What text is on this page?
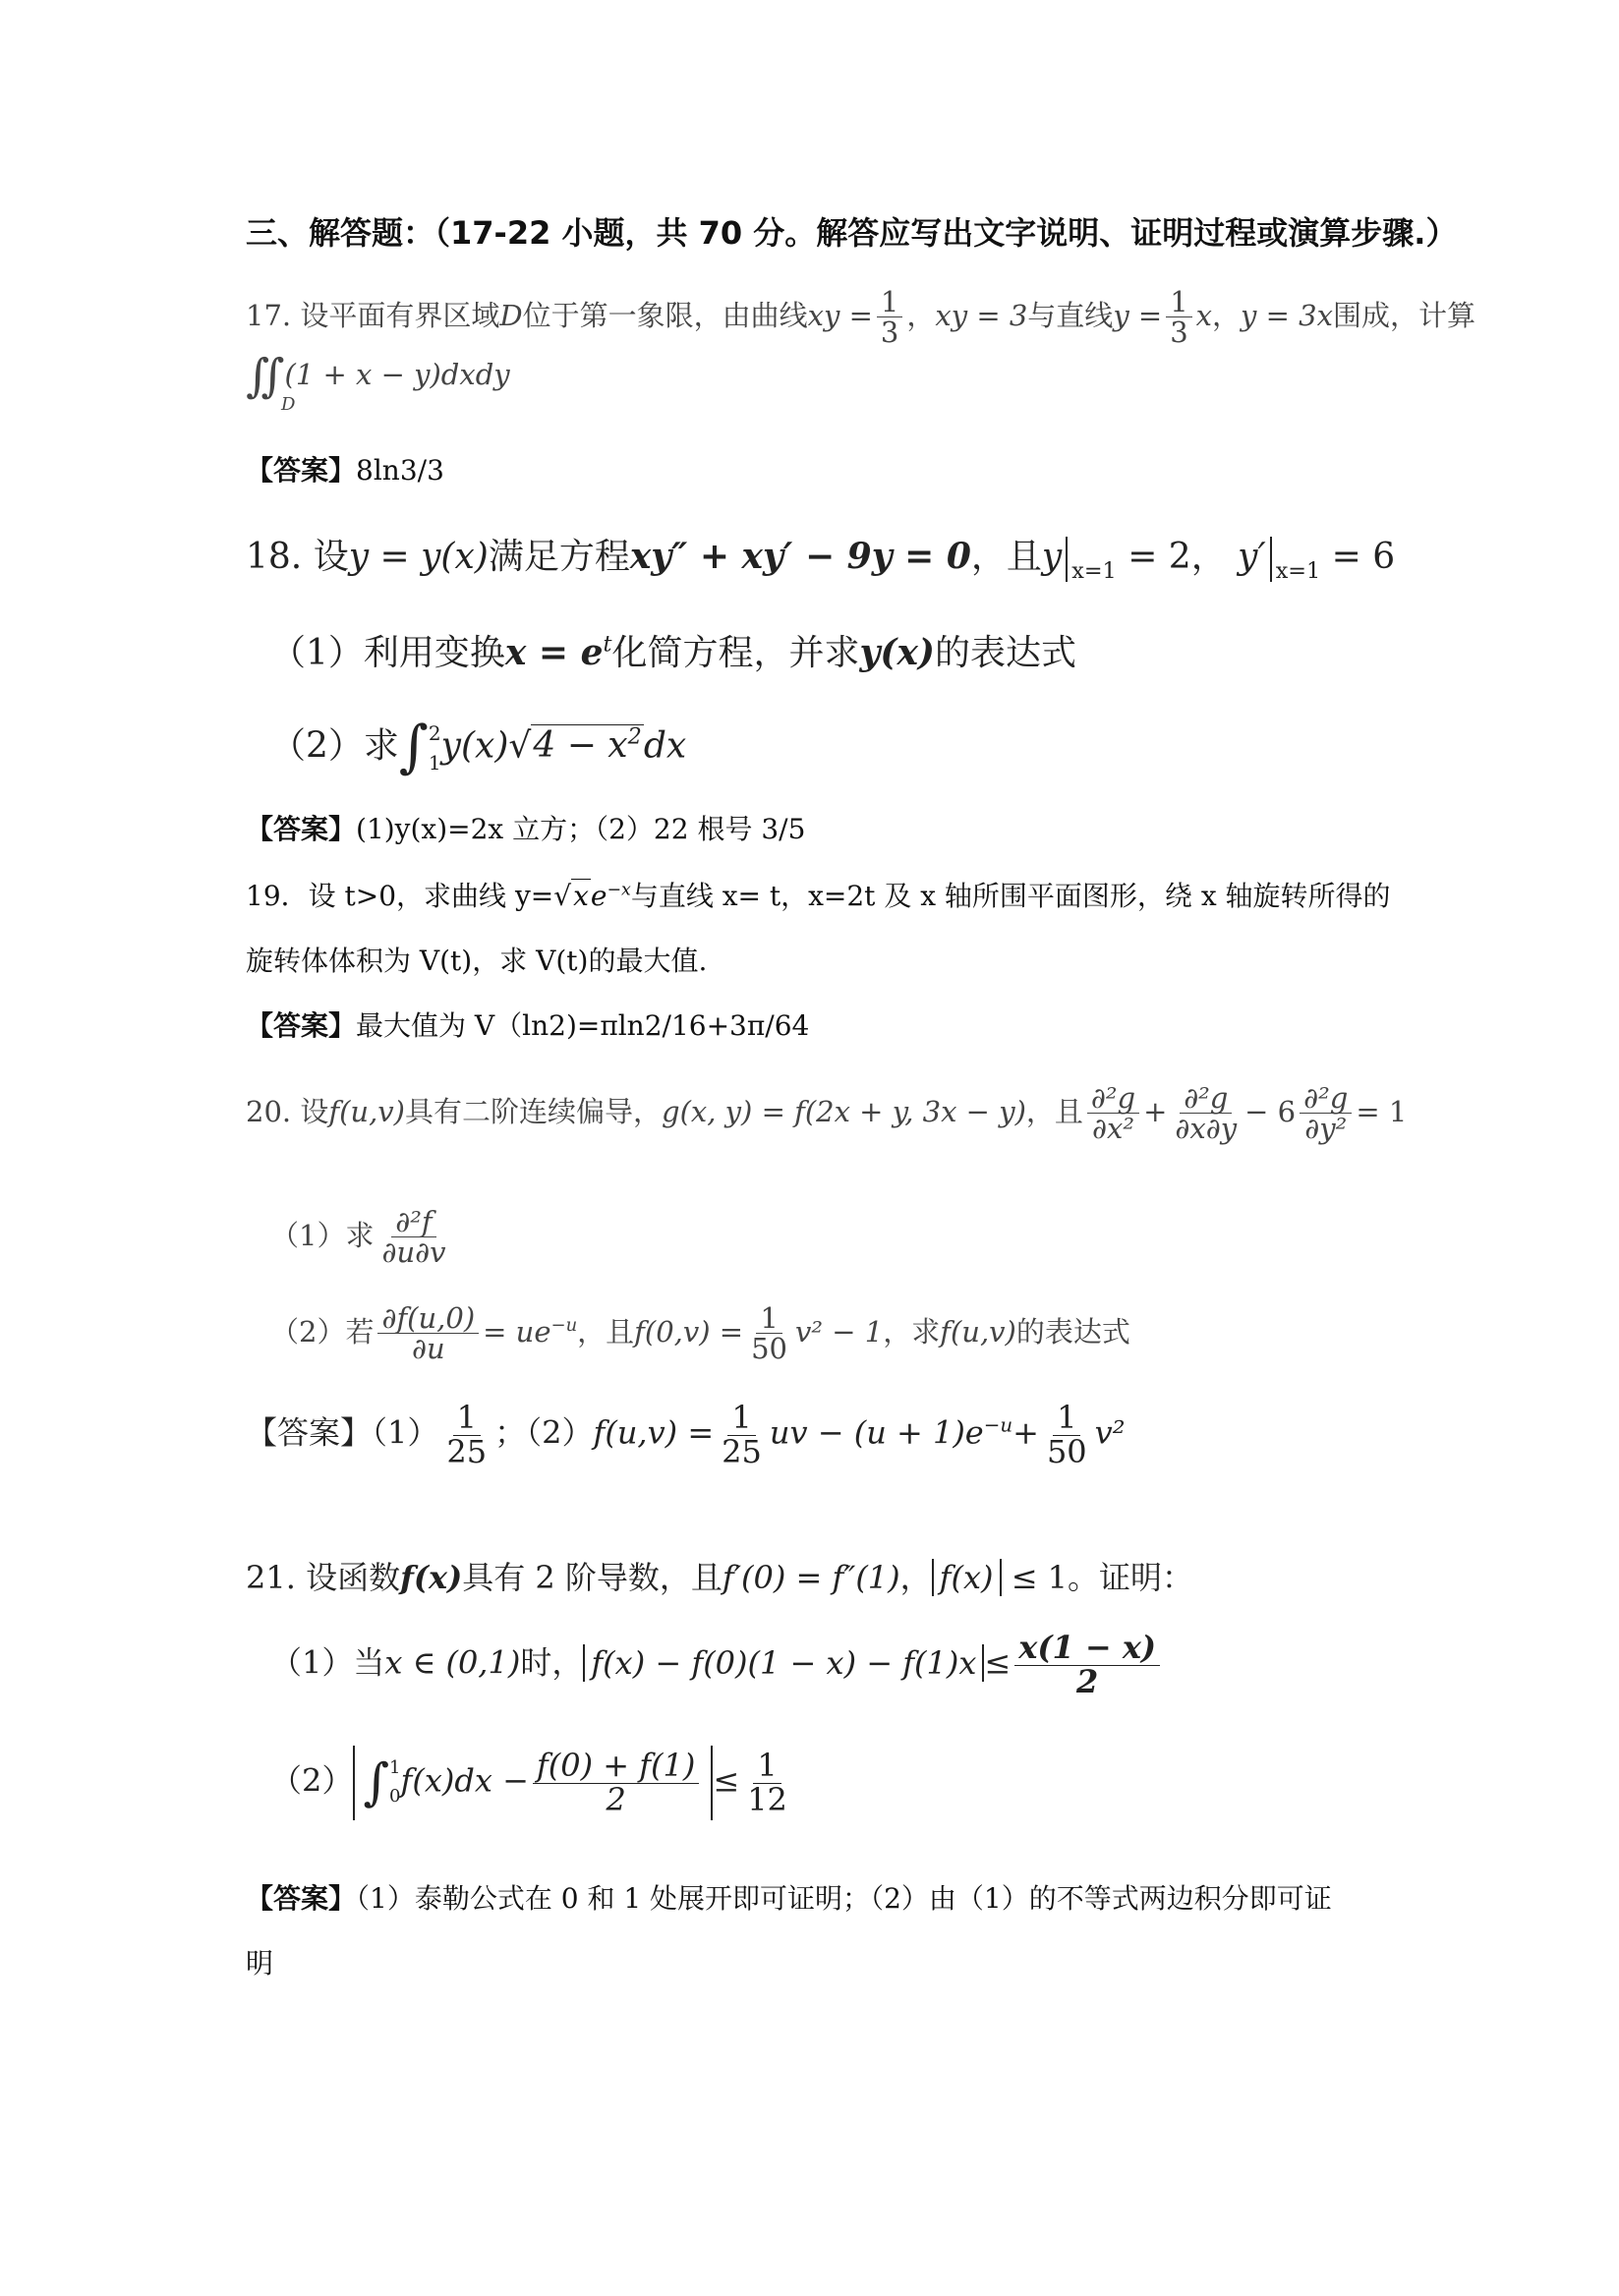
三、解答题：（17-22 小题，共 70 分。解答应写出文字说明、证明过程或演算步骤.）
17. 设平面有界区域D位于第一象限，由曲线xy = $\frac{1}{3}$ ，xy = 3与直线$y = \frac{1}{3}$ x，y = 3x围成，计算
∬(1 + x − y)dxdy
D
【答案】8ln3/3
18. 设y = y(x)满足方程xy″ + xy′ − 9y = 0，且y $_{x=1}$ = 2， y′ $_{x=1}$ = 6
（1）利用变换$x = e^t$化简方程，并求y(x)的表达式
（2）求∫ 2
1 $y(x)√4 - x^2dx$
【答案】(1)y(x)=2x 立方；（2）22 根号 3/5
19．设 t>0，求曲线 $y=√xe^{-x}$与直线 x= t，x=2t 及 x 轴所围平面图形，绕 x 轴旋转所得的
旋转体体积为 V(t)，求 V(t)的最大值.
【答案】最大值为 V（ln2)=πln2/16+3π/64
20. 设f(u,v)具有二阶连续偏导，g(x, y) = f(2x + y, 3x − y)，且 $\frac{\text{∂²g}}{\text{∂x²}} + \frac{\text{∂²g}}{\partial x\partial y} - 6 \frac{\text{∂²g}}{\text{∂y²}} = 1$
（1）求 $\frac{\text{∂²f}}{\partial u\partial v}$
（2）若 $\frac{\partial f(u,0)}{\partial u} = ue^{-u}$，且$f(0,v) = \frac{1}{50} v^2 - 1$，求f(u,v)的表达式
【答案】$(1) \frac{1}{25}$ ；$(2)f(u,v) = \frac{1}{25}$ uv − $(u + 1)e^{-u}+ \frac{1}{50} v^2$
21. 设函数f(x)具有 2 阶导数，且f′(0) = f″(1)， f(x) ≤ 1。证明：
（1）当x ∈ (0,1)时， $f(x) - f(0)(1 - x) - f(1)x \le \frac{x(1 - x)}{2}$
（2） ∫ 1
0 $f(x)dx - \frac{f(0) + f(1)}{2} \le \frac{1}{12}$
【答案】（1）泰勒公式在 0 和 1 处展开即可证明；（2）由（1）的不等式两边积分即可证
明
